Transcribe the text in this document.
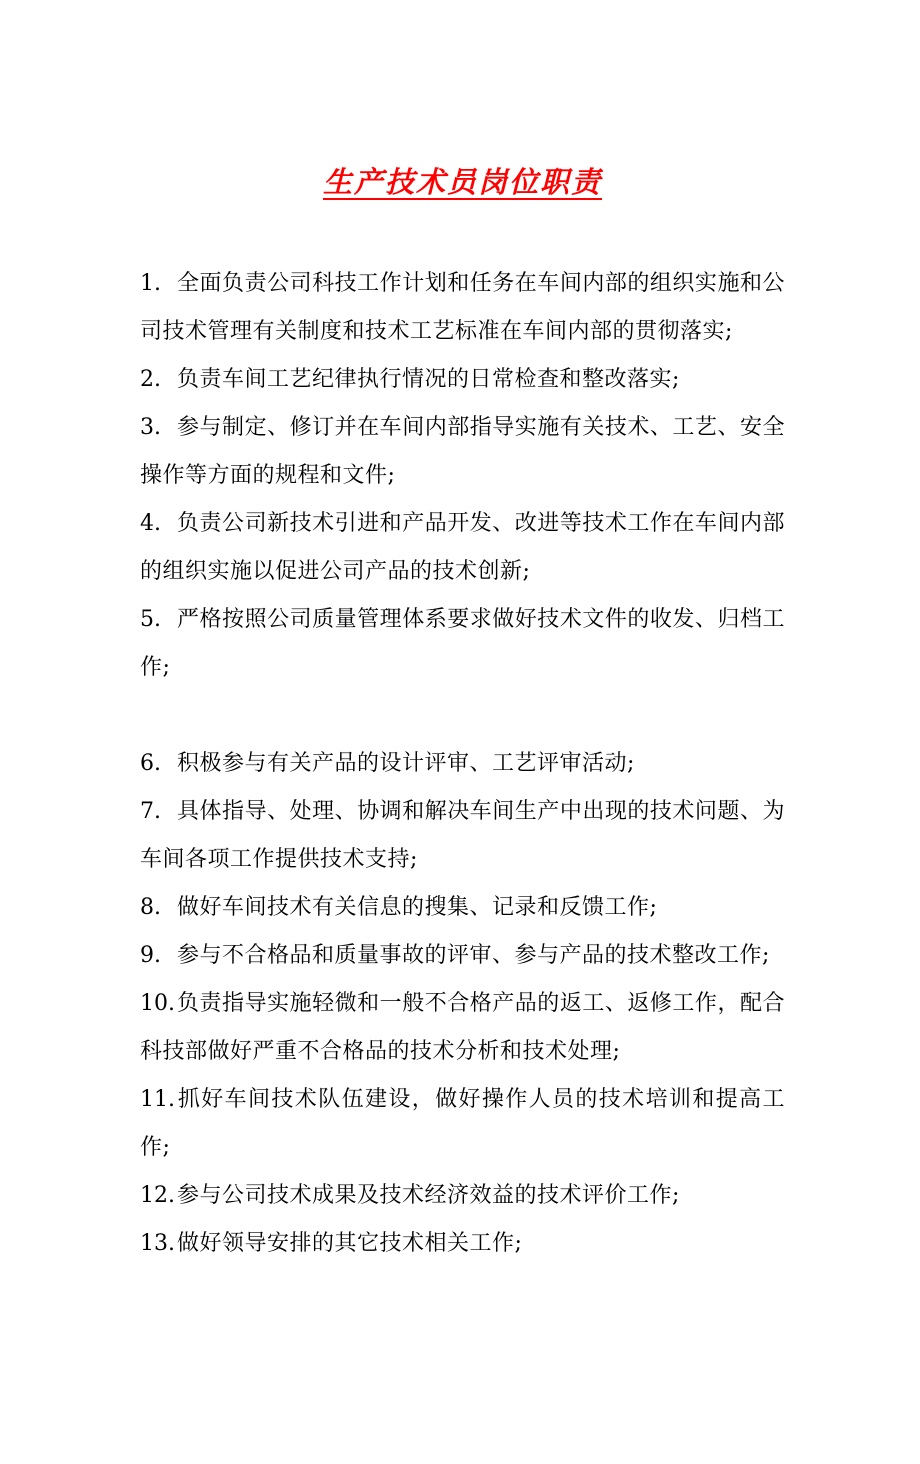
生产技术员岗位职责

1. 全面负责公司科技工作计划和任务在车间内部的组织实施和公司技术管理有关制度和技术工艺标准在车间内部的贯彻落实;

2. 负责车间工艺纪律执行情况的日常检查和整改落实;

3. 参与制定、修订并在车间内部指导实施有关技术、工艺、安全操作等方面的规程和文件;

4. 负责公司新技术引进和产品开发、改进等技术工作在车间内部的组织实施以促进公司产品的技术创新;

5. 严格按照公司质量管理体系要求做好技术文件的收发、归档工作;

6. 积极参与有关产品的设计评审、工艺评审活动;

7. 具体指导、处理、协调和解决车间生产中出现的技术问题、为车间各项工作提供技术支持;

8. 做好车间技术有关信息的搜集、记录和反馈工作;

9. 参与不合格品和质量事故的评审、参与产品的技术整改工作;

10.负责指导实施轻微和一般不合格产品的返工、返修工作，配合科技部做好严重不合格品的技术分析和技术处理;

11.抓好车间技术队伍建设，做好操作人员的技术培训和提高工作;

12.参与公司技术成果及技术经济效益的技术评价工作;

13.做好领导安排的其它技术相关工作;
